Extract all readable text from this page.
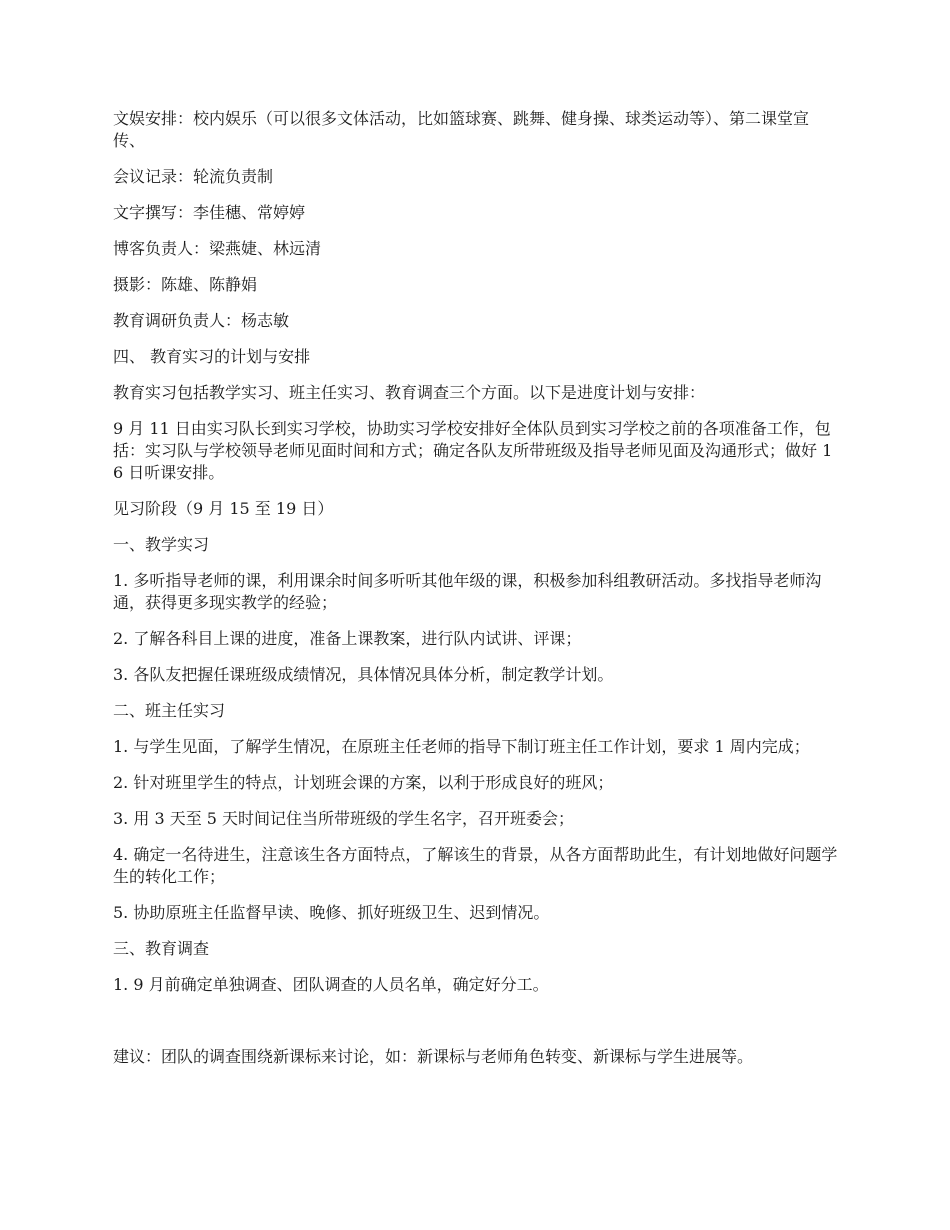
文娱安排：校内娱乐（可以很多文体活动，比如篮球赛、跳舞、健身操、球类运动等）、第二课堂宣传、

会议记录：轮流负责制

文字撰写：李佳穗、常婷婷

博客负责人：梁燕婕、林远清

摄影：陈雄、陈静娟

教育调研负责人：杨志敏

四、 教育实习的计划与安排

教育实习包括教学实习、班主任实习、教育调查三个方面。以下是进度计划与安排：

9 月 11 日由实习队长到实习学校，协助实习学校安排好全体队员到实习学校之前的各项准备工作，包括：实习队与学校领导老师见面时间和方式；确定各队友所带班级及指导老师见面及沟通形式；做好 16 日听课安排。

见习阶段（9 月 15 至 19 日）

一、教学实习

1. 多听指导老师的课，利用课余时间多听听其他年级的课，积极参加科组教研活动。多找指导老师沟通，获得更多现实教学的经验；

2. 了解各科目上课的进度，准备上课教案，进行队内试讲、评课；

3. 各队友把握任课班级成绩情况，具体情况具体分析，制定教学计划。

二、班主任实习

1. 与学生见面，了解学生情况，在原班主任老师的指导下制订班主任工作计划，要求 1 周内完成；

2. 针对班里学生的特点，计划班会课的方案，以利于形成良好的班风；

3. 用 3 天至 5 天时间记住当所带班级的学生名字，召开班委会；

4. 确定一名待进生，注意该生各方面特点，了解该生的背景，从各方面帮助此生，有计划地做好问题学生的转化工作；

5. 协助原班主任监督早读、晚修、抓好班级卫生、迟到情况。

三、教育调查

1. 9 月前确定单独调查、团队调查的人员名单，确定好分工。

建议：团队的调查围绕新课标来讨论，如：新课标与老师角色转变、新课标与学生进展等。
